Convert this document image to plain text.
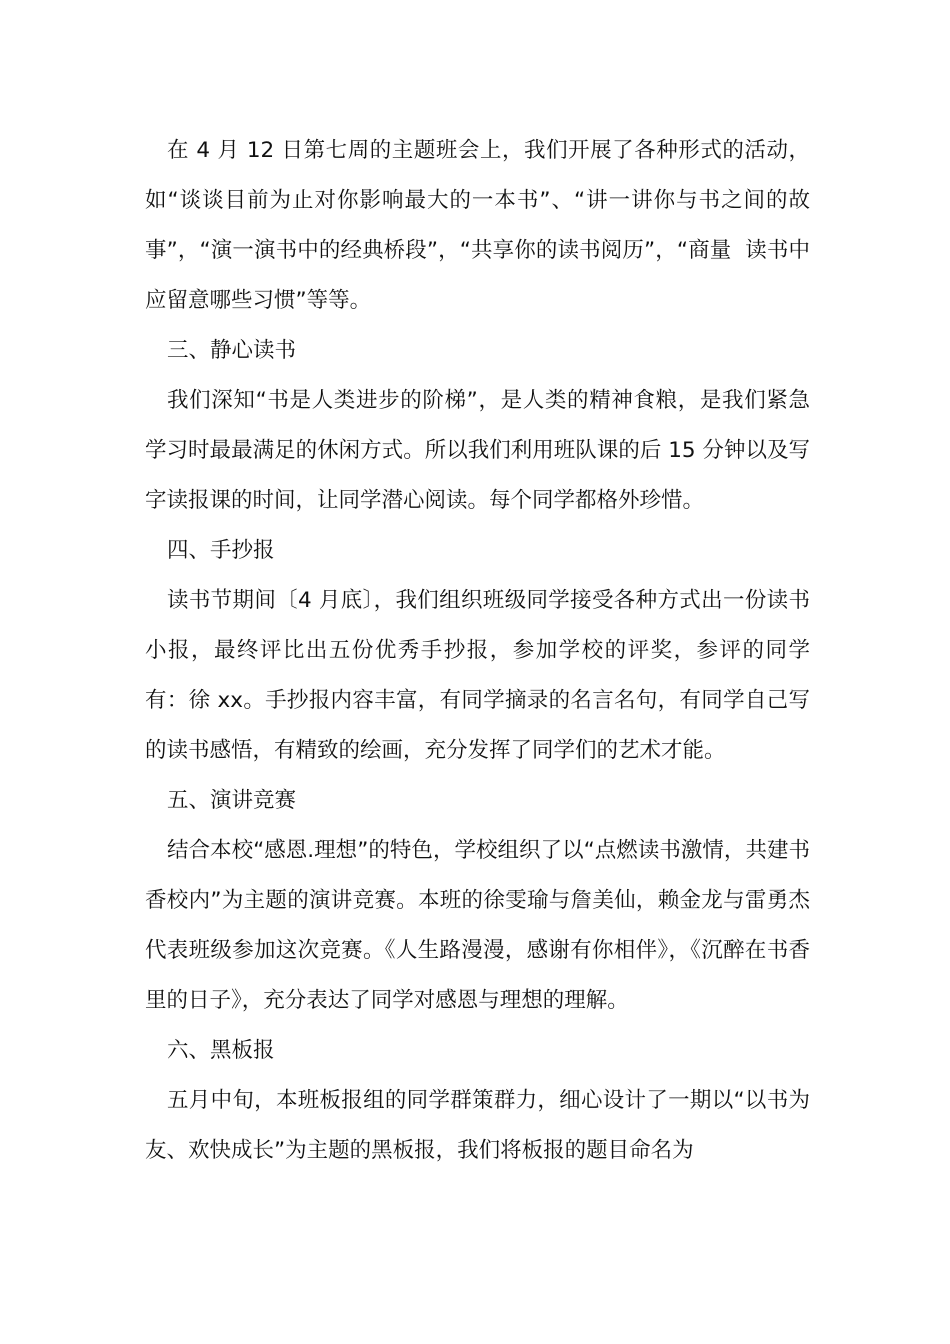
在 4 月 12 日第七周的主题班会上，我们开展了各种形式的活动，如“谈谈目前为止对你影响最大的一本书”、“讲一讲你与书之间的故事”，“演一演书中的经典桥段”，“共享你的读书阅历”，“商量  读书中应留意哪些习惯”等等。

三、静心读书

我们深知“书是人类进步的阶梯”，是人类的精神食粮，是我们紧急学习时最最满足的休闲方式。所以我们利用班队课的后 15 分钟以及写字读报课的时间，让同学潜心阅读。每个同学都格外珍惜。

四、手抄报

读书节期间〔4 月底〕，我们组织班级同学接受各种方式出一份读书小报，最终评比出五份优秀手抄报，参加学校的评奖，参评的同学有：徐 xx。手抄报内容丰富，有同学摘录的名言名句，有同学自己写的读书感悟，有精致的绘画，充分发挥了同学们的艺术才能。

五、演讲竞赛

结合本校“感恩.理想”的特色，学校组织了以“点燃读书激情，共建书香校内”为主题的演讲竞赛。本班的徐雯瑜与詹美仙，赖金龙与雷勇杰代表班级参加这次竞赛。《人生路漫漫，感谢有你相伴》，《沉醉在书香里的日子》，充分表达了同学对感恩与理想的理解。

六、黑板报

五月中旬，本班板报组的同学群策群力，细心设计了一期以“以书为友、欢快成长”为主题的黑板报，我们将板报的题目命名为
